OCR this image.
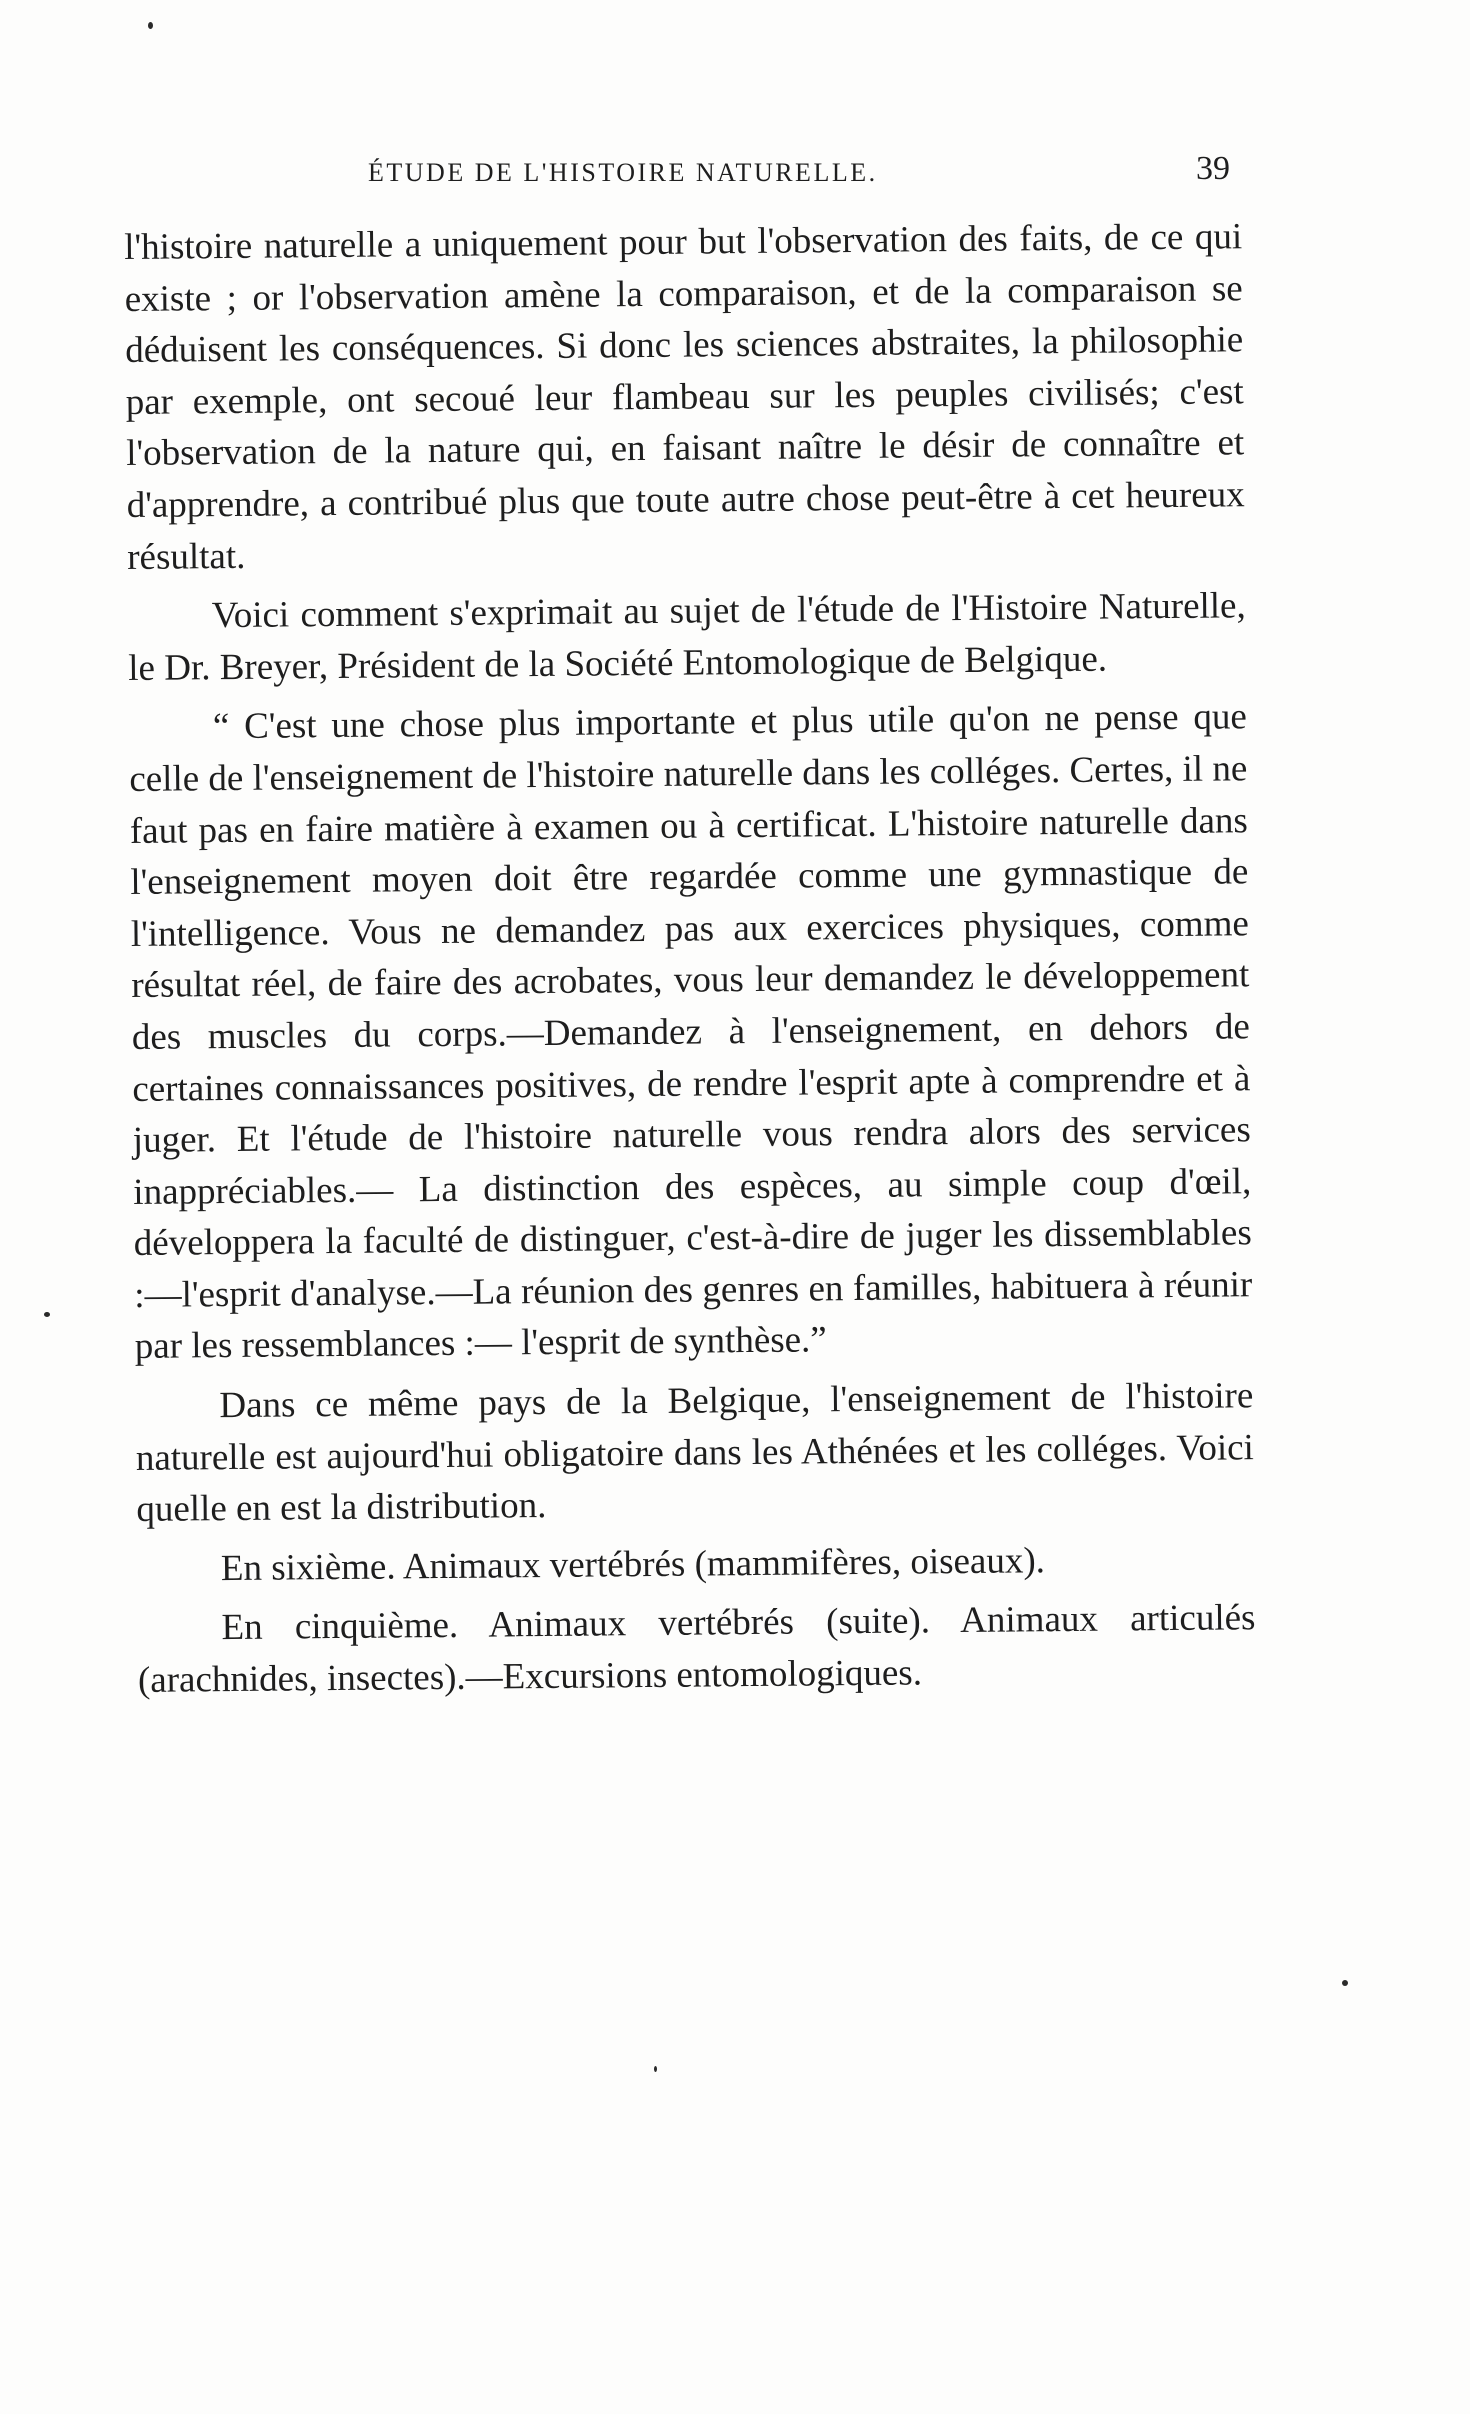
ÉTUDE DE L'HISTOIRE NATURELLE.	39

l'histoire naturelle a uniquement pour but l'observation des faits, de ce qui existe ; or l'observation amène la comparaison, et de la comparaison se déduisent les conséquences. Si donc les sciences abstraites, la philosophie par exemple, ont secoué leur flambeau sur les peuples civilisés; c'est l'observation de la nature qui, en faisant naître le désir de connaître et d'apprendre, a contribué plus que toute autre chose peut-être à cet heureux résultat.

Voici comment s'exprimait au sujet de l'étude de l'Histoire Naturelle, le Dr. Breyer, Président de la Société Entomologique de Belgique.

“ C'est une chose plus importante et plus utile qu'on ne pense que celle de l'enseignement de l'histoire naturelle dans les colléges. Certes, il ne faut pas en faire matière à examen ou à certificat. L'histoire naturelle dans l'enseignement moyen doit être regardée comme une gymnastique de l'intelligence. Vous ne demandez pas aux exercices physiques, comme résultat réel, de faire des acrobates, vous leur demandez le développement des muscles du corps.—Demandez à l'enseignement, en dehors de certaines connaissances positives, de rendre l'esprit apte à comprendre et à juger. Et l'étude de l'histoire naturelle vous rendra alors des services inappréciables.— La distinction des espèces, au simple coup d'œil, développera la faculté de distinguer, c'est-à-dire de juger les dissemblables :—l'esprit d'analyse.—La réunion des genres en familles, habituera à réunir par les ressemblances :— l'esprit de synthèse.”

Dans ce même pays de la Belgique, l'enseignement de l'histoire naturelle est aujourd'hui obligatoire dans les Athénées et les colléges. Voici quelle en est la distribution.

En sixième. Animaux vertébrés (mammifères, oiseaux).

En cinquième. Animaux vertébrés (suite). Animaux articulés (arachnides, insectes).—Excursions entomologiques.
